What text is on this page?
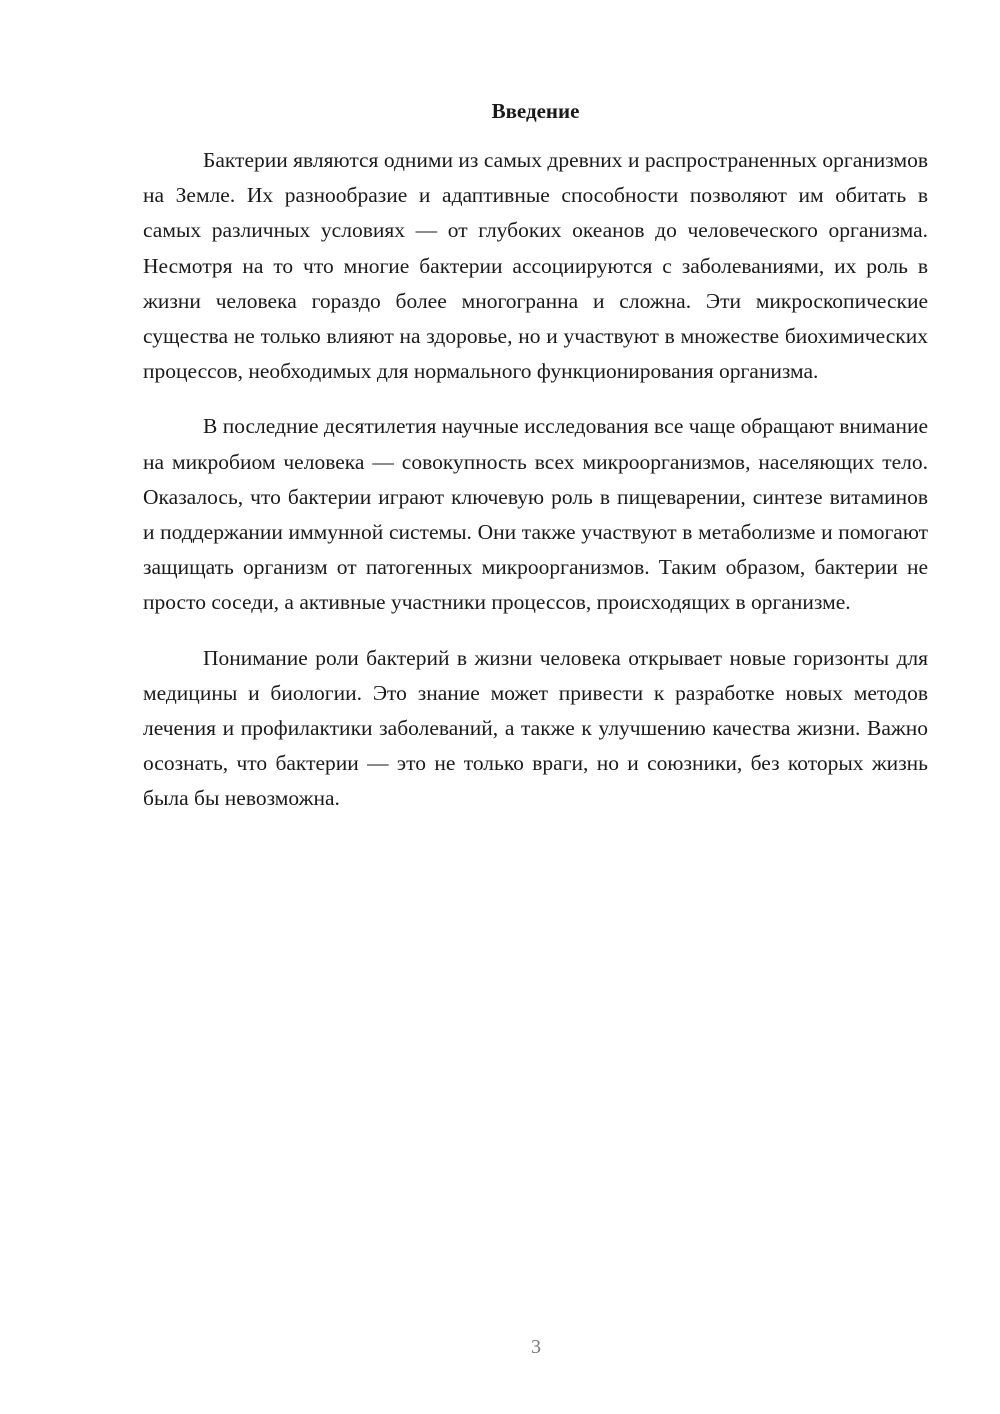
Введение

Бактерии являются одними из самых древних и распространенных организмов на Земле. Их разнообразие и адаптивные способности позволяют им обитать в самых различных условиях — от глубоких океанов до человеческого организма. Несмотря на то что многие бактерии ассоциируются с заболеваниями, их роль в жизни человека гораздо более многогранна и сложна. Эти микроскопические существа не только влияют на здоровье, но и участвуют в множестве биохимических процессов, необходимых для нормального функционирования организма.

В последние десятилетия научные исследования все чаще обращают внимание на микробиом человека — совокупность всех микроорганизмов, населяющих тело. Оказалось, что бактерии играют ключевую роль в пищеварении, синтезе витаминов и поддержании иммунной системы. Они также участвуют в метаболизме и помогают защищать организм от патогенных микроорганизмов. Таким образом, бактерии не просто соседи, а активные участники процессов, происходящих в организме.

Понимание роли бактерий в жизни человека открывает новые горизонты для медицины и биологии. Это знание может привести к разработке новых методов лечения и профилактики заболеваний, а также к улучшению качества жизни. Важно осознать, что бактерии — это не только враги, но и союзники, без которых жизнь была бы невозможна.

3
